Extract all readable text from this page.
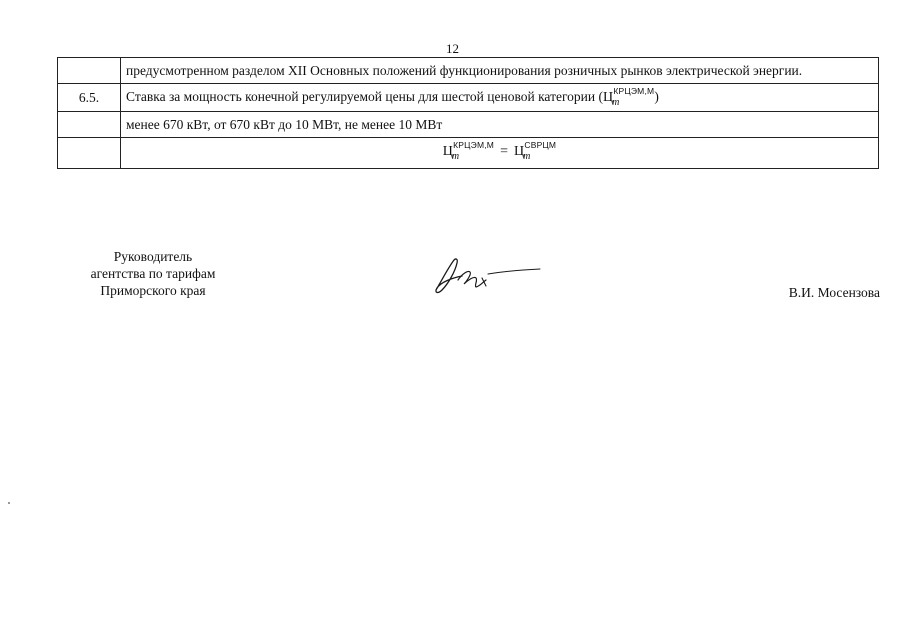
12

	предусмотренном разделом XII Основных положений функционирования розничных рынков электрической энергии.

6.5.	Ставка за мощность конечной регулируемой цены для шестой ценовой категории $(Ц_m^{КРЦЭМ,М})$

	менее 670 кВт, от 670 кВт до 10 МВт, не менее 10 МВт

	$Ц_m^{КРЦЭМ,М} = Ц_m^{СВРЦМ}$
Руководитель
агентства по тарифам
Приморского края	В.И. Мосензова
